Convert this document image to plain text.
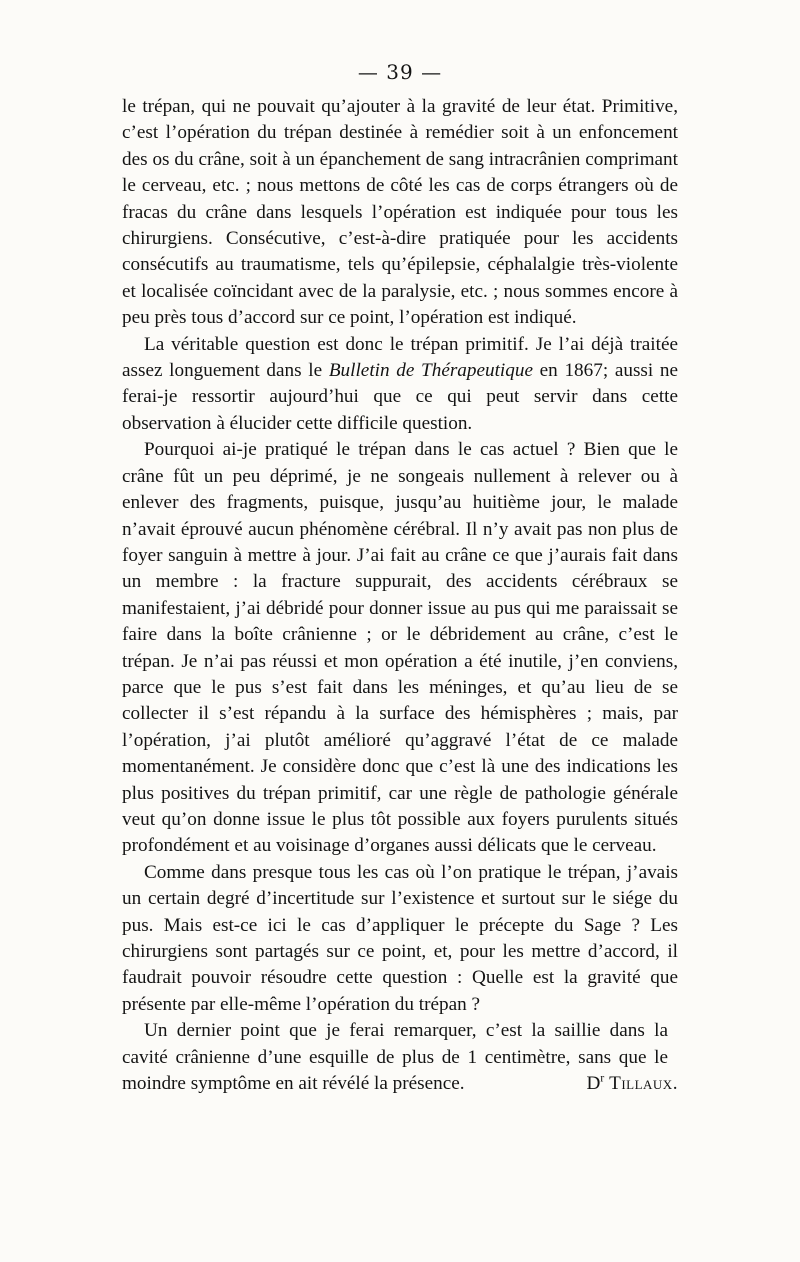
— 39 —

le trépan, qui ne pouvait qu’ajouter à la gravité de leur état. Primitive, c’est l’opération du trépan destinée à remédier soit à un enfoncement des os du crâne, soit à un épanchement de sang intracrânien comprimant le cerveau, etc. ; nous mettons de côté les cas de corps étrangers où de fracas du crâne dans lesquels l’opération est indiquée pour tous les chirurgiens. Consécutive, c’est-à-dire pratiquée pour les accidents consécutifs au traumatisme, tels qu’épilepsie, céphalalgie très-violente et localisée coïncidant avec de la paralysie, etc. ; nous sommes encore à peu près tous d’accord sur ce point, l’opération est indiqué.

La véritable question est donc le trépan primitif. Je l’ai déjà traitée assez longuement dans le Bulletin de Thérapeutique en 1867; aussi ne ferai-je ressortir aujourd’hui que ce qui peut servir dans cette observation à élucider cette difficile question.

Pourquoi ai-je pratiqué le trépan dans le cas actuel ? Bien que le crâne fût un peu déprimé, je ne songeais nullement à relever ou à enlever des fragments, puisque, jusqu’au huitième jour, le malade n’avait éprouvé aucun phénomène cérébral. Il n’y avait pas non plus de foyer sanguin à mettre à jour. J’ai fait au crâne ce que j’aurais fait dans un membre : la fracture suppurait, des accidents cérébraux se manifestaient, j’ai débridé pour donner issue au pus qui me paraissait se faire dans la boîte crânienne ; or le débridement au crâne, c’est le trépan. Je n’ai pas réussi et mon opération a été inutile, j’en conviens, parce que le pus s’est fait dans les méninges, et qu’au lieu de se collecter il s’est répandu à la surface des hémisphères ; mais, par l’opération, j’ai plutôt amélioré qu’aggravé l’état de ce malade momentanément. Je considère donc que c’est là une des indications les plus positives du trépan primitif, car une règle de pathologie générale veut qu’on donne issue le plus tôt possible aux foyers purulents situés profondément et au voisinage d’organes aussi délicats que le cerveau.

Comme dans presque tous les cas où l’on pratique le trépan, j’avais un certain degré d’incertitude sur l’existence et surtout sur le siége du pus. Mais est-ce ici le cas d’appliquer le précepte du Sage ? Les chirurgiens sont partagés sur ce point, et, pour les mettre d’accord, il faudrait pouvoir résoudre cette question : Quelle est la gravité que présente par elle-même l’opération du trépan ?

Un dernier point que je ferai remarquer, c’est la saillie dans la cavité crânienne d’une esquille de plus de 1 centimètre, sans que le moindre symptôme en ait révélé la présence.	$D^r$ Tillaux.
